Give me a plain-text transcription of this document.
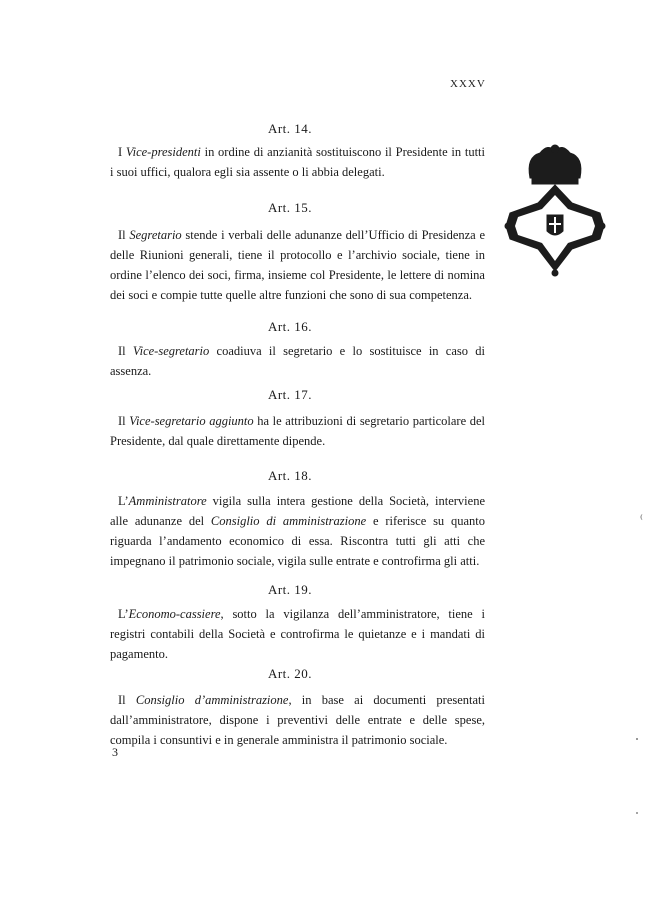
XXXV
Art. 14.
I Vice-presidenti in ordine di anzianità sostituiscono il Presidente in tutti i suoi uffici, qualora egli sia assente o li abbia delegati.
Art. 15.
Il Segretario stende i verbali delle adunanze dell’Ufficio di Presidenza e delle Riunioni generali, tiene il protocollo e l’archivio sociale, tiene in ordine l’elenco dei soci, firma, insieme col Presidente, le lettere di nomina dei soci e compie tutte quelle altre funzioni che sono di sua competenza.
Art. 16.
Il Vice-segretario coadiuva il segretario e lo sostituisce in caso di assenza.
Art. 17.
Il Vice-segretario aggiunto ha le attribuzioni di segretario particolare del Presidente, dal quale direttamente dipende.
Art. 18.
L’Amministratore vigila sulla intera gestione della Società, interviene alle adunanze del Consiglio di amministrazione e riferisce su quanto riguarda l’andamento economico di essa. Riscontra tutti gli atti che impegnano il patrimonio sociale, vigila sulle entrate e controfirma gli atti.
Art. 19.
L’Economo-cassiere, sotto la vigilanza dell’amministratore, tiene i registri contabili della Società e controfirma le quietanze e i mandati di pagamento.
Art. 20.
Il Consiglio d’amministrazione, in base ai documenti presentati dall’amministratore, dispone i preventivi delle entrate e delle spese, compila i consuntivi e in generale amministra il patrimonio sociale.
3
⁽
